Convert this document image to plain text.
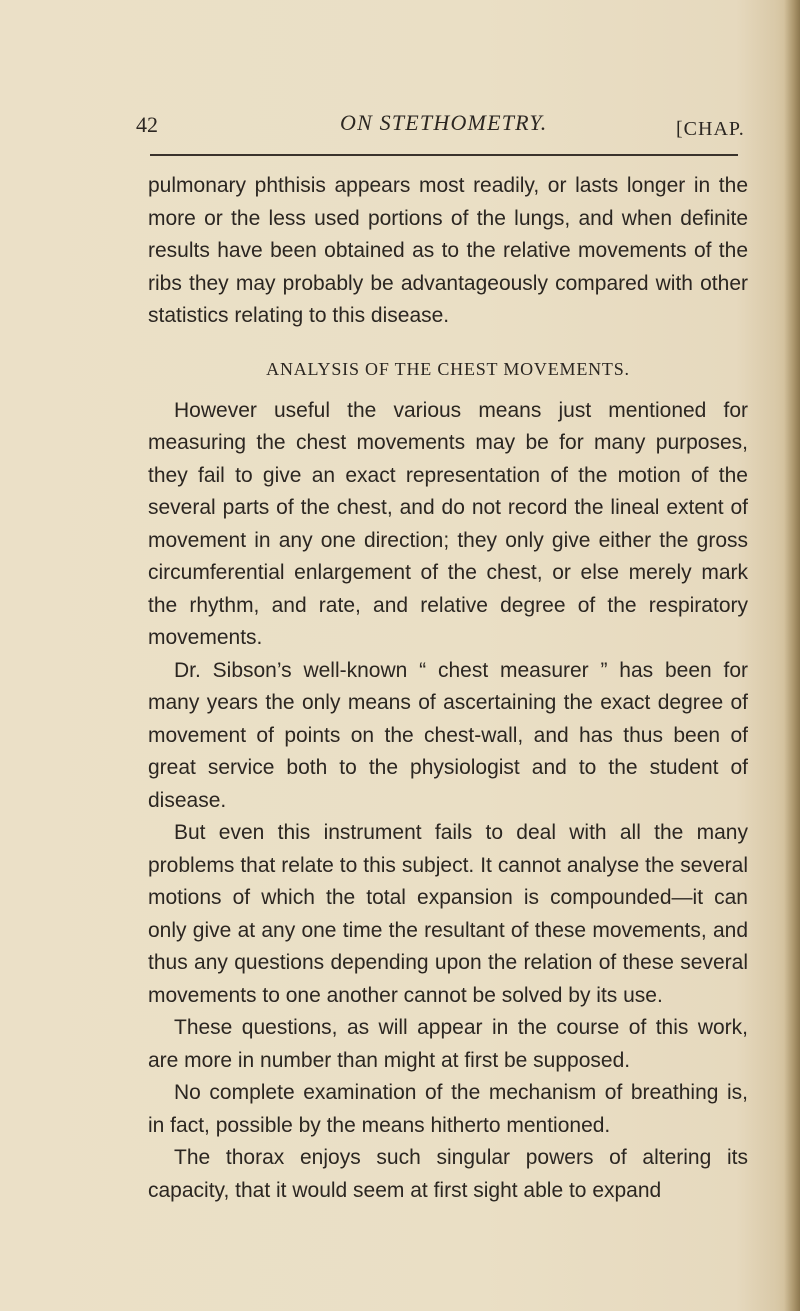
42	ON STETHOMETRY.	[CHAP.

pulmonary phthisis appears most readily, or lasts longer in the more or the less used portions of the lungs, and when definite results have been obtained as to the relative movements of the ribs they may probably be advantageously compared with other statistics relating to this disease.

ANALYSIS OF THE CHEST MOVEMENTS.

However useful the various means just mentioned for measuring the chest movements may be for many purposes, they fail to give an exact representation of the motion of the several parts of the chest, and do not record the lineal extent of movement in any one direction; they only give either the gross circumferential enlargement of the chest, or else merely mark the rhythm, and rate, and relative degree of the respiratory movements.

Dr. Sibson’s well-known “ chest measurer ” has been for many years the only means of ascertaining the exact degree of movement of points on the chest-wall, and has thus been of great service both to the physiologist and to the student of disease.

But even this instrument fails to deal with all the many problems that relate to this subject. It cannot analyse the several motions of which the total expansion is compounded—it can only give at any one time the resultant of these movements, and thus any questions depending upon the relation of these several movements to one another cannot be solved by its use.

These questions, as will appear in the course of this work, are more in number than might at first be supposed.

No complete examination of the mechanism of breathing is, in fact, possible by the means hitherto mentioned.

The thorax enjoys such singular powers of altering its capacity, that it would seem at first sight able to expand
